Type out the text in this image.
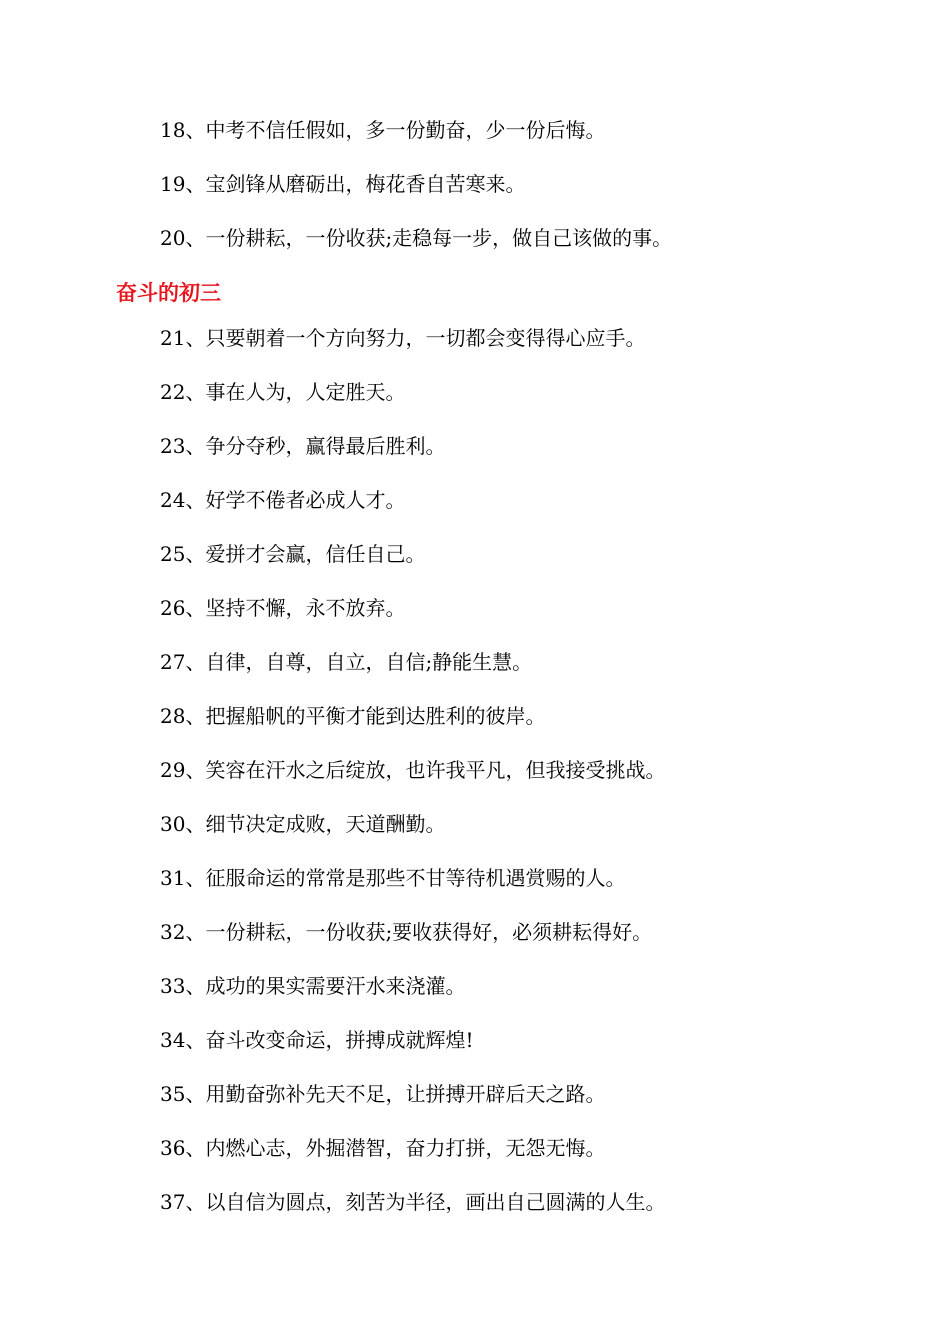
18、中考不信任假如，多一份勤奋，少一份后悔。
19、宝剑锋从磨砺出，梅花香自苦寒来。
20、一份耕耘，一份收获;走稳每一步，做自己该做的事。
奋斗的初三
21、只要朝着一个方向努力，一切都会变得得心应手。
22、事在人为，人定胜天。
23、争分夺秒，赢得最后胜利。
24、好学不倦者必成人才。
25、爱拼才会赢，信任自己。
26、坚持不懈，永不放弃。
27、自律，自尊，自立，自信;静能生慧。
28、把握船帆的平衡才能到达胜利的彼岸。
29、笑容在汗水之后绽放，也许我平凡，但我接受挑战。
30、细节决定成败，天道酬勤。
31、征服命运的常常是那些不甘等待机遇赏赐的人。
32、一份耕耘，一份收获;要收获得好，必须耕耘得好。
33、成功的果实需要汗水来浇灌。
34、奋斗改变命运，拼搏成就辉煌!
35、用勤奋弥补先天不足，让拼搏开辟后天之路。
36、内燃心志，外掘潜智，奋力打拼，无怨无悔。
37、以自信为圆点，刻苦为半径，画出自己圆满的人生。
